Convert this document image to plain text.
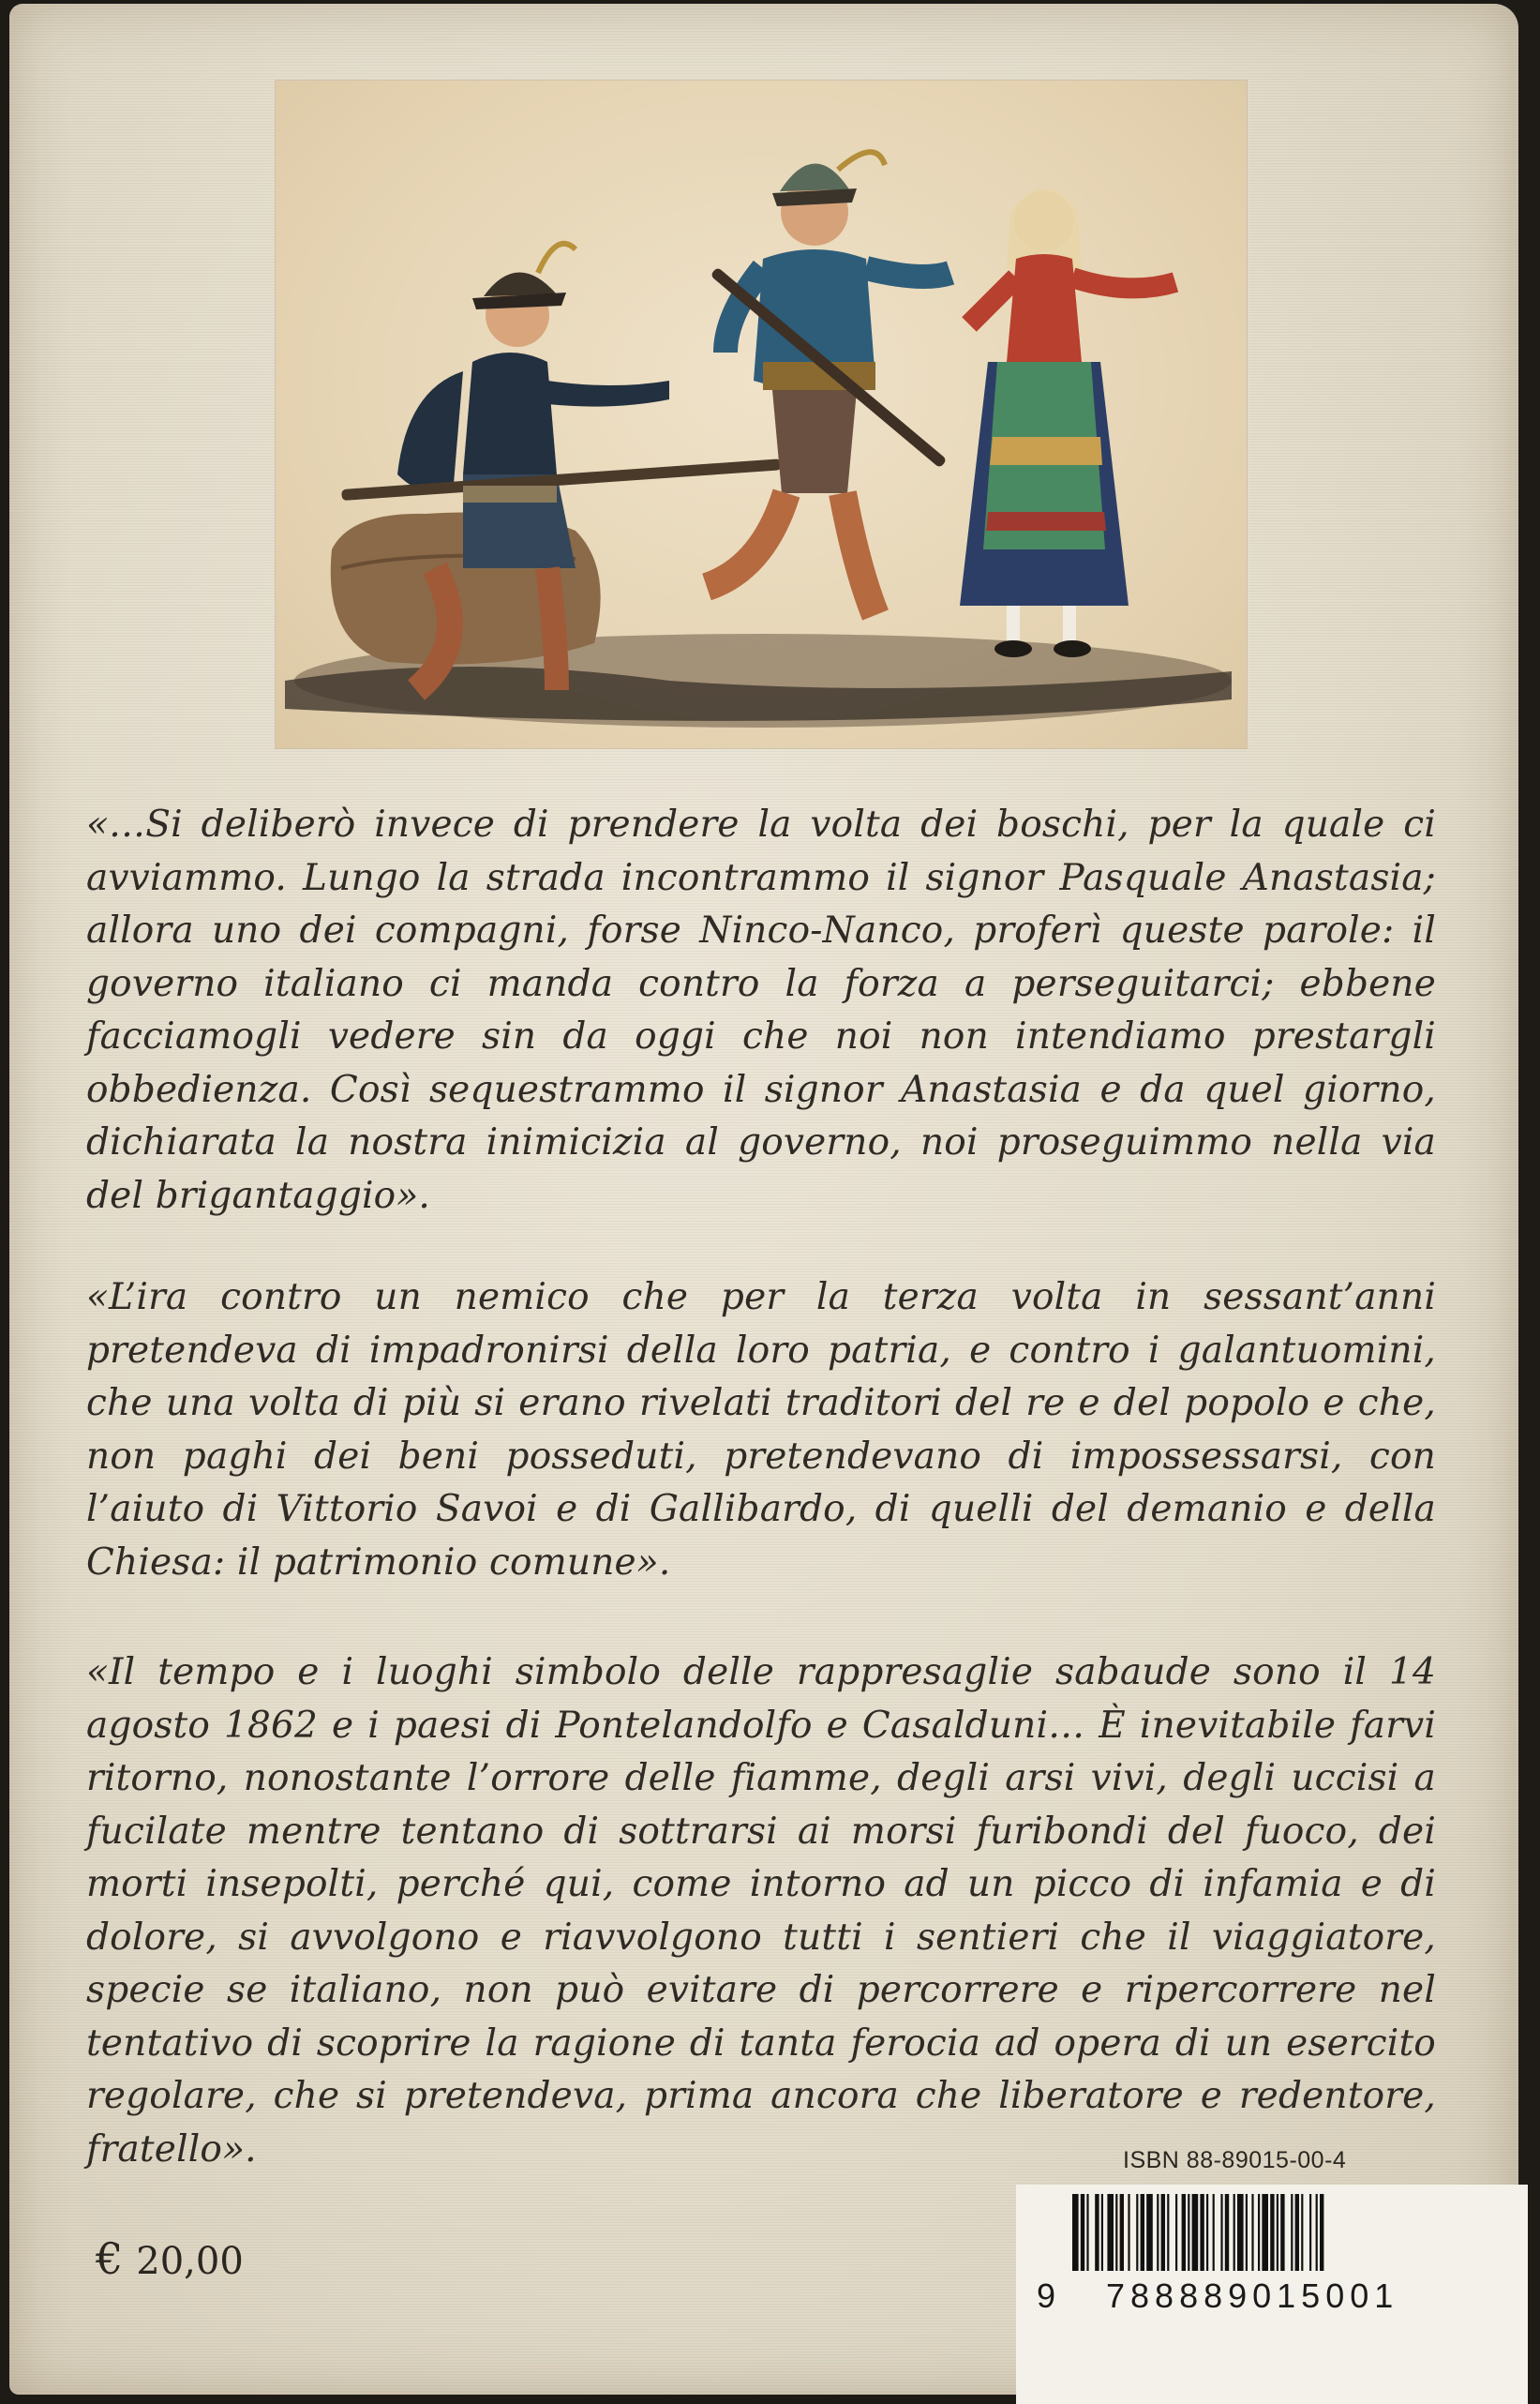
«…Si deliberò invece di prendere la volta dei boschi, per la quale ci avviammo. Lungo la strada incontrammo il signor Pasquale Anastasia; allora uno dei compagni, forse Ninco-Nanco, proferì queste parole: il governo italiano ci manda contro la forza a perseguitarci; ebbene facciamogli vedere sin da oggi che noi non intendiamo prestargli obbedienza. Così sequestrammo il signor Anastasia e da quel giorno, dichiarata la nostra inimicizia al governo, noi proseguimmo nella via del brigantaggio».

«L’ira contro un nemico che per la terza volta in sessant’anni pretendeva di impadronirsi della loro patria, e contro i galantuomini, che una volta di più si erano rivelati traditori del re e del popolo e che, non paghi dei beni posseduti, pretendevano di impossessarsi, con l’aiuto di Vittorio Savoi e di Gallibardo, di quelli del demanio e della Chiesa: il patrimonio comune».

«Il tempo e i luoghi simbolo delle rappresaglie sabaude sono il 14 agosto 1862 e i paesi di Pontelandolfo e Casalduni… È inevitabile farvi ritorno, nonostante l’orrore delle fiamme, degli arsi vivi, degli uccisi a fucilate mentre tentano di sottrarsi ai morsi furibondi del fuoco, dei morti insepolti, perché qui, come intorno ad un picco di infamia e di dolore, si avvolgono e riavvolgono tutti i sentieri che il viaggiatore, specie se italiano, non può evitare di percorrere e ripercorrere nel tentativo di scoprire la ragione di tanta ferocia ad opera di un esercito regolare, che si pretendeva, prima ancora che liberatore e redentore, fratello».

€ 20,00
ISBN 88-89015-00-4
9 788889015001
